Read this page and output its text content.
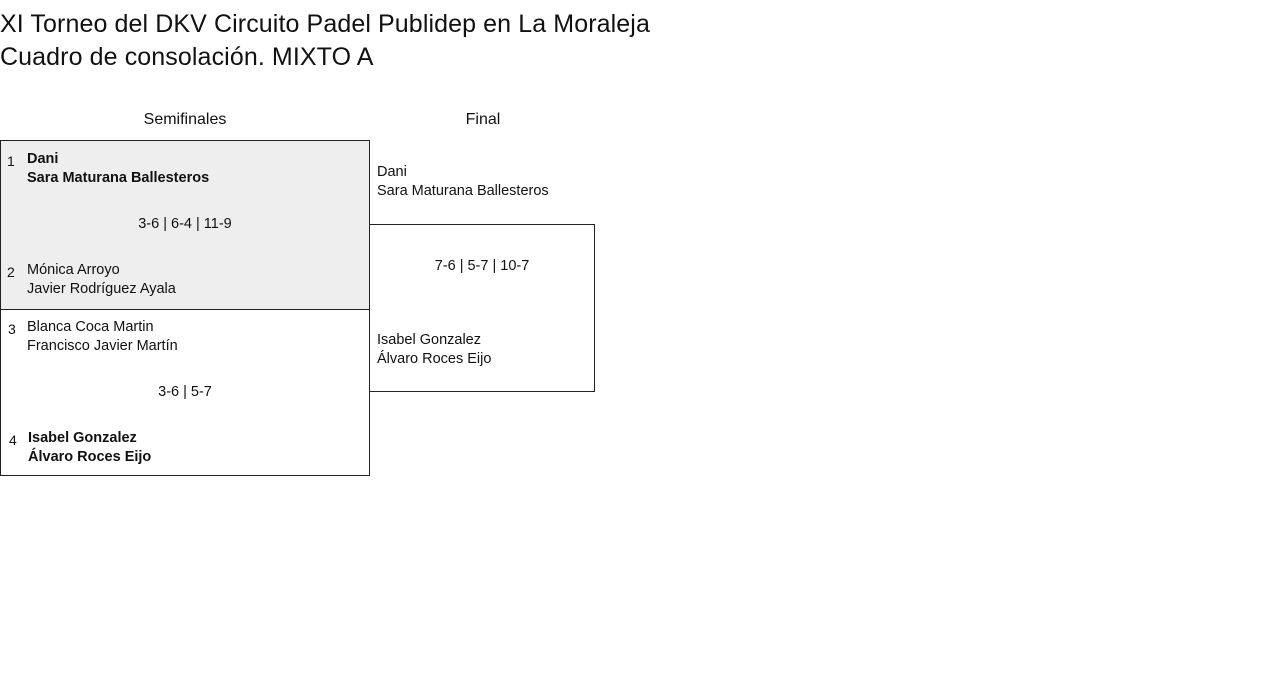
XI Torneo del DKV Circuito Padel Publidep en La Moraleja
Cuadro de consolación. MIXTO A
Semifinales	Final
1 Dani
Sara Maturana Ballesteros
3-6 | 6-4 | 11-9
2 Mónica Arroyo
Javier Rodríguez Ayala
3 Blanca Coca Martin
Francisco Javier Martín
3-6 | 5-7
4 Isabel Gonzalez
Álvaro Roces Eijo
Dani
Sara Maturana Ballesteros
7-6 | 5-7 | 10-7
Isabel Gonzalez
Álvaro Roces Eijo
